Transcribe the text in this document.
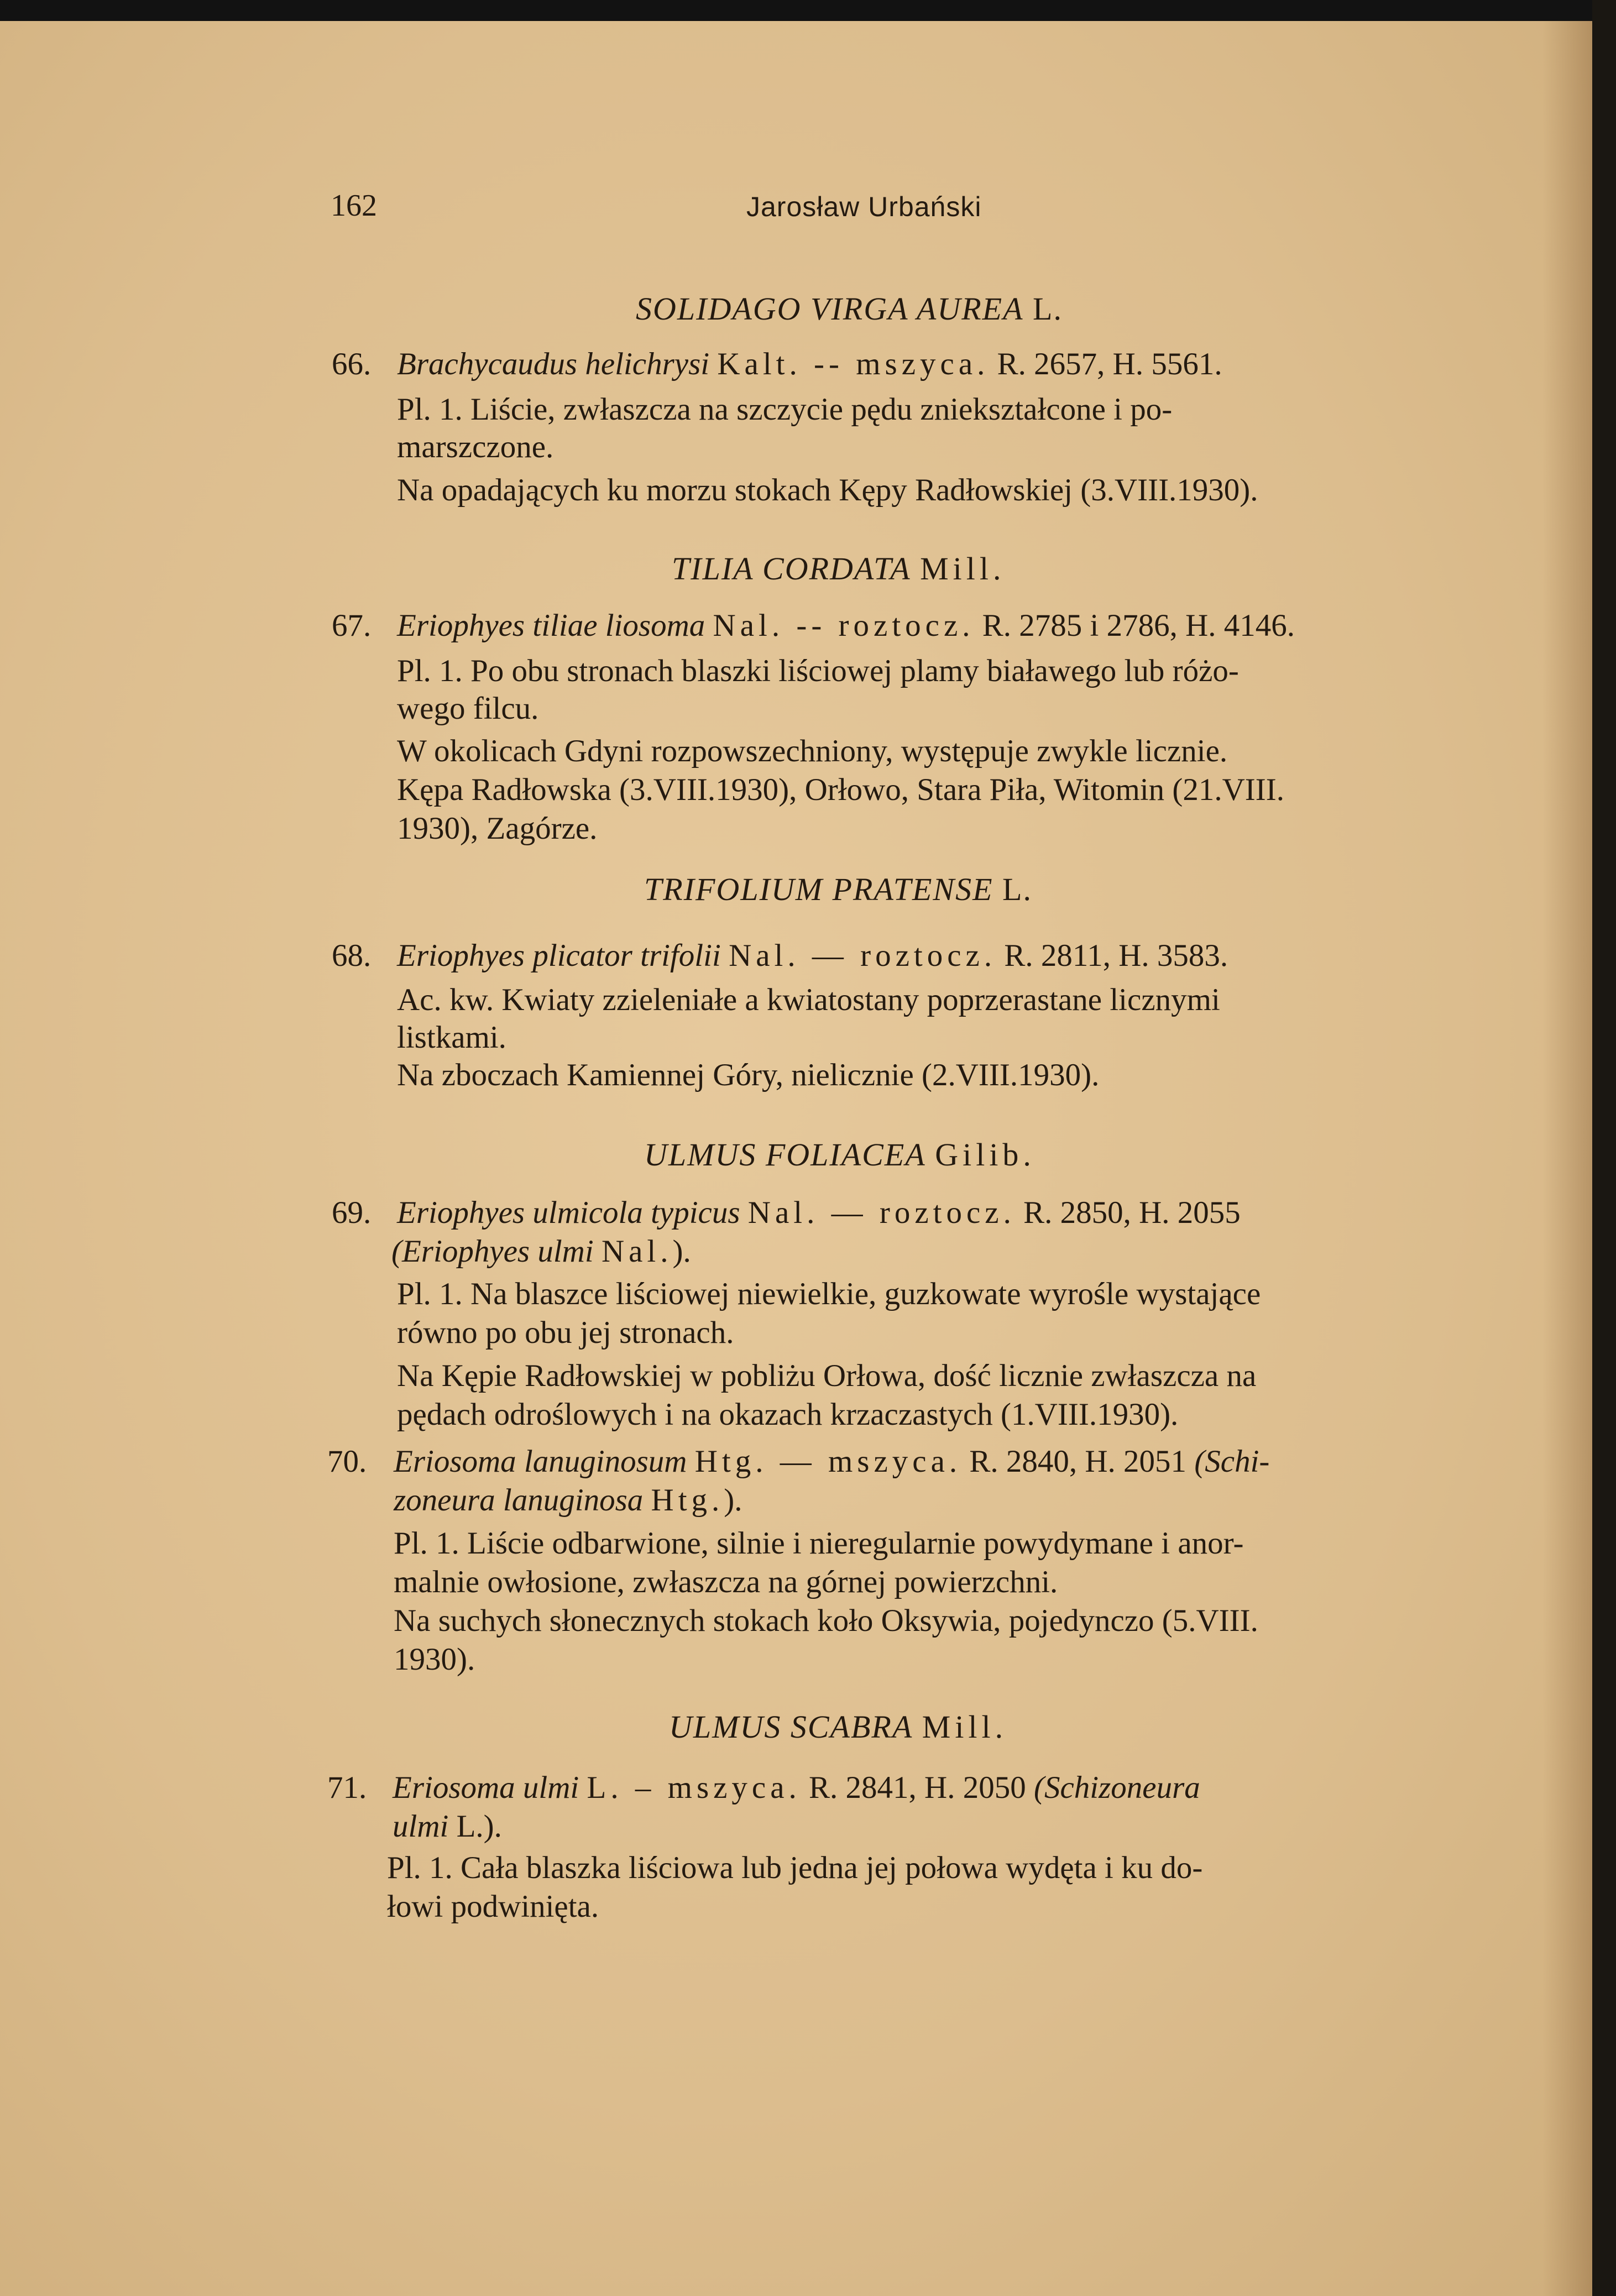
162	Jarosław Urbański
SOLIDAGO VIRGA AUREA L.
66. Brachycaudus helichrysi Kalt. -- mszyca. R. 2657, H. 5561.
Pl. 1. Liście, zwłaszcza na szczycie pędu zniekształcone i po-
marszczone.
Na opadających ku morzu stokach Kępy Radłowskiej (3.VIII.1930).
TILIA CORDATA Mill.
67. Eriophyes tiliae liosoma Nal. -- roztocz. R. 2785 i 2786, H. 4146.
Pl. 1. Po obu stronach blaszki liściowej plamy białawego lub różo-
wego filcu.
W okolicach Gdyni rozpowszechniony, występuje zwykle licznie.
Kępa Radłowska (3.VIII.1930), Orłowo, Stara Piła, Witomin (21.VIII.
1930), Zagórze.
TRIFOLIUM PRATENSE L.
68. Eriophyes plicator trifolii Nal. — roztocz. R. 2811, H. 3583.
Ac. kw. Kwiaty zzieleniałe a kwiatostany poprzerastane licznymi
listkami.
Na zboczach Kamiennej Góry, nielicznie (2.VIII.1930).
ULMUS FOLIACEA Gilib.
69. Eriophyes ulmicola typicus Nal. — roztocz. R. 2850, H. 2055
(Eriophyes ulmi Nal.).
Pl. 1. Na blaszce liściowej niewielkie, guzkowate wyrośle wystające
równo po obu jej stronach.
Na Kępie Radłowskiej w pobliżu Orłowa, dość licznie zwłaszcza na
pędach odroślowych i na okazach krzaczastych (1.VIII.1930).
70. Eriosoma lanuginosum Htg. — mszyca. R. 2840, H. 2051 (Schi-
zoneura lanuginosa Htg.).
Pl. 1. Liście odbarwione, silnie i nieregularnie powydymane i anor-
malnie owłosione, zwłaszcza na górnej powierzchni.
Na suchych słonecznych stokach koło Oksywia, pojedynczo (5.VIII.
1930).
ULMUS SCABRA Mill.
71. Eriosoma ulmi L. – mszyca. R. 2841, H. 2050 (Schizoneura
ulmi L.).
Pl. 1. Cała blaszka liściowa lub jedna jej połowa wydęta i ku do-
łowi podwinięta.
